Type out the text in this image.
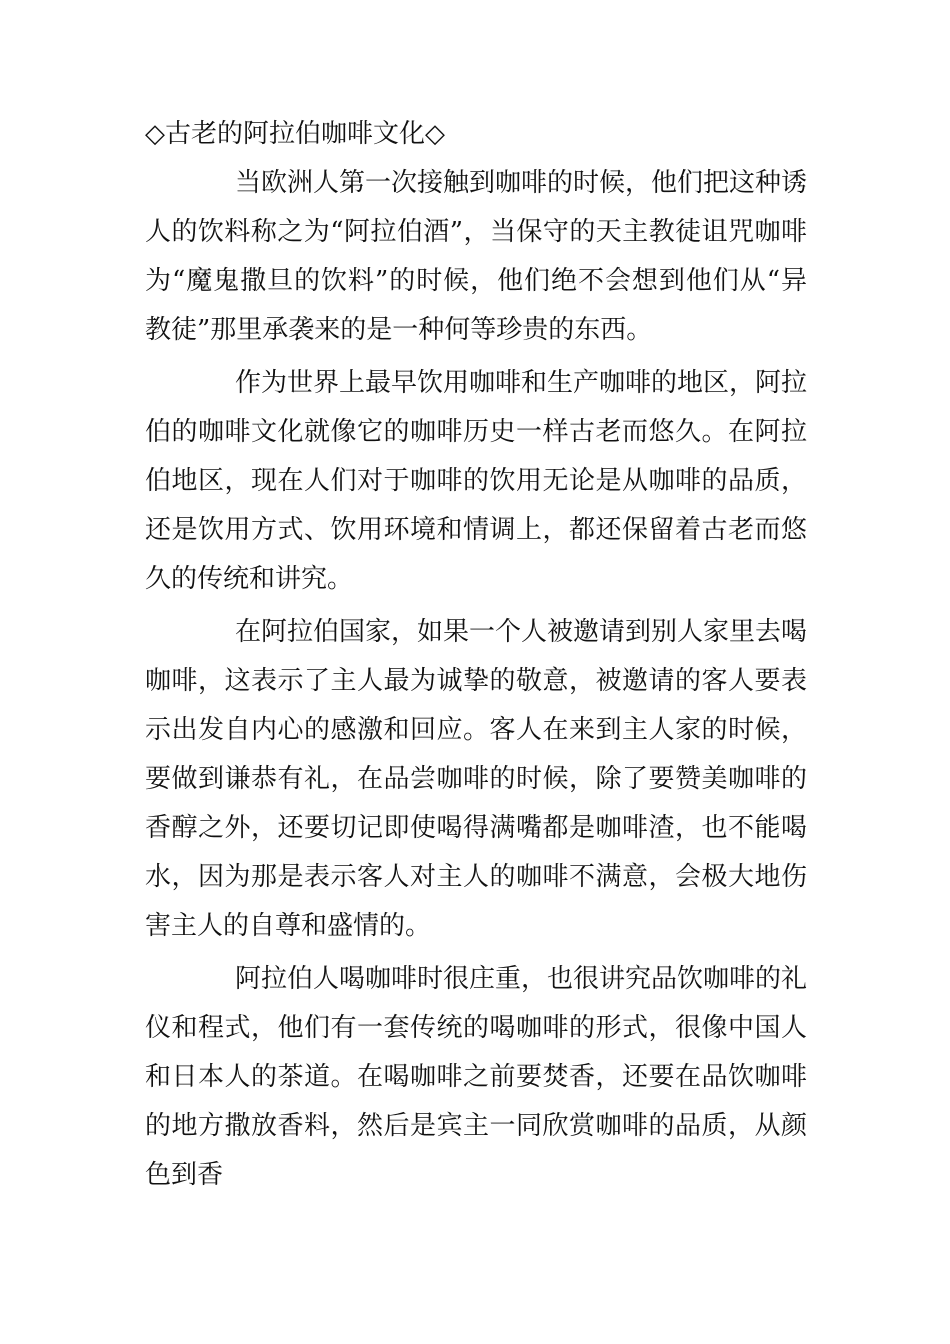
◇古老的阿拉伯咖啡文化◇

当欧洲人第一次接触到咖啡的时候，他们把这种诱人的饮料称之为“阿拉伯酒”，当保守的天主教徒诅咒咖啡为“魔鬼撒旦的饮料”的时候，他们绝不会想到他们从“异教徒”那里承袭来的是一种何等珍贵的东西。

作为世界上最早饮用咖啡和生产咖啡的地区，阿拉伯的咖啡文化就像它的咖啡历史一样古老而悠久。在阿拉伯地区，现在人们对于咖啡的饮用无论是从咖啡的品质，还是饮用方式、饮用环境和情调上，都还保留着古老而悠久的传统和讲究。

在阿拉伯国家，如果一个人被邀请到别人家里去喝咖啡，这表示了主人最为诚挚的敬意，被邀请的客人要表示出发自内心的感激和回应。客人在来到主人家的时候，要做到谦恭有礼，在品尝咖啡的时候，除了要赞美咖啡的香醇之外，还要切记即使喝得满嘴都是咖啡渣，也不能喝水，因为那是表示客人对主人的咖啡不满意，会极大地伤害主人的自尊和盛情的。

阿拉伯人喝咖啡时很庄重，也很讲究品饮咖啡的礼仪和程式，他们有一套传统的喝咖啡的形式，很像中国人和日本人的茶道。在喝咖啡之前要焚香，还要在品饮咖啡的地方撒放香料，然后是宾主一同欣赏咖啡的品质，从颜色到香
